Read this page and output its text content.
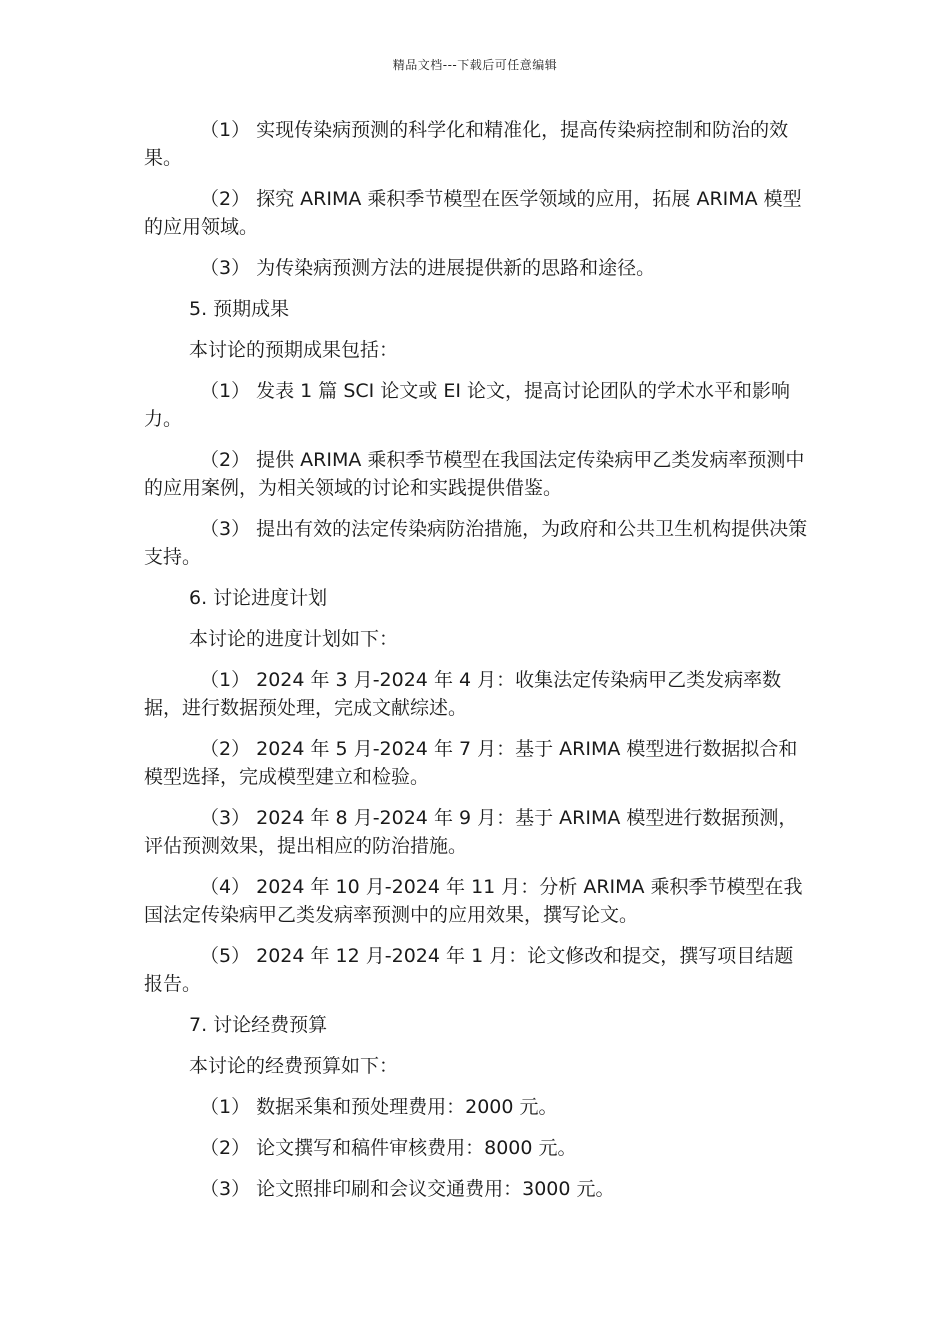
精品文档---下载后可任意编辑

（1） 实现传染病预测的科学化和精准化，提高传染病控制和防治的效果。

（2） 探究 ARIMA 乘积季节模型在医学领域的应用，拓展 ARIMA 模型的应用领域。

（3） 为传染病预测方法的进展提供新的思路和途径。

5. 预期成果

本讨论的预期成果包括：

（1） 发表 1 篇 SCI 论文或 EI 论文，提高讨论团队的学术水平和影响力。

（2） 提供 ARIMA 乘积季节模型在我国法定传染病甲乙类发病率预测中的应用案例，为相关领域的讨论和实践提供借鉴。

（3） 提出有效的法定传染病防治措施，为政府和公共卫生机构提供决策支持。

6. 讨论进度计划

本讨论的进度计划如下：

（1） 2024 年 3 月-2024 年 4 月：收集法定传染病甲乙类发病率数据，进行数据预处理，完成文献综述。

（2） 2024 年 5 月-2024 年 7 月：基于 ARIMA 模型进行数据拟合和模型选择，完成模型建立和检验。

（3） 2024 年 8 月-2024 年 9 月：基于 ARIMA 模型进行数据预测，评估预测效果，提出相应的防治措施。

（4） 2024 年 10 月-2024 年 11 月：分析 ARIMA 乘积季节模型在我国法定传染病甲乙类发病率预测中的应用效果，撰写论文。

（5） 2024 年 12 月-2024 年 1 月：论文修改和提交，撰写项目结题报告。

7. 讨论经费预算

本讨论的经费预算如下：

（1） 数据采集和预处理费用：2000 元。

（2） 论文撰写和稿件审核费用：8000 元。

（3） 论文照排印刷和会议交通费用：3000 元。
